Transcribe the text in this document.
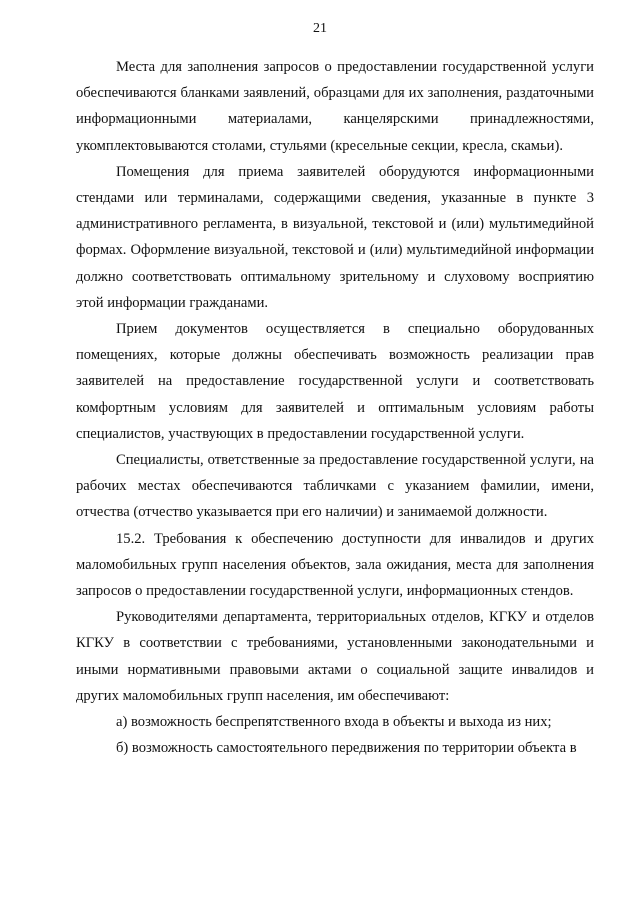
21

Места для заполнения запросов о предоставлении государственной услуги обеспечиваются бланками заявлений, образцами для их заполнения, раздаточными информационными материалами, канцелярскими принадлежностями, укомплектовываются столами, стульями (кресельные секции, кресла, скамьи).

Помещения для приема заявителей оборудуются информационными стендами или терминалами, содержащими сведения, указанные в пункте 3 административного регламента, в визуальной, текстовой и (или) мультимедийной формах. Оформление визуальной, текстовой и (или) мультимедийной информации должно соответствовать оптимальному зрительному и слуховому восприятию этой информации гражданами.

Прием документов осуществляется в специально оборудованных помещениях, которые должны обеспечивать возможность реализации прав заявителей на предоставление государственной услуги и соответствовать комфортным условиям для заявителей и оптимальным условиям работы специалистов, участвующих в предоставлении государственной услуги.

Специалисты, ответственные за предоставление государственной услуги, на рабочих местах обеспечиваются табличками с указанием фамилии, имени, отчества (отчество указывается при его наличии) и занимаемой должности.

15.2. Требования к обеспечению доступности для инвалидов и других маломобильных групп населения объектов, зала ожидания, места для заполнения запросов о предоставлении государственной услуги, информационных стендов.

Руководителями департамента, территориальных отделов, КГКУ и отделов КГКУ в соответствии с требованиями, установленными законодательными и иными нормативными правовыми актами о социальной защите инвалидов и других маломобильных групп населения, им обеспечивают:

а) возможность беспрепятственного входа в объекты и выхода из них;

б) возможность самостоятельного передвижения по территории объекта в
